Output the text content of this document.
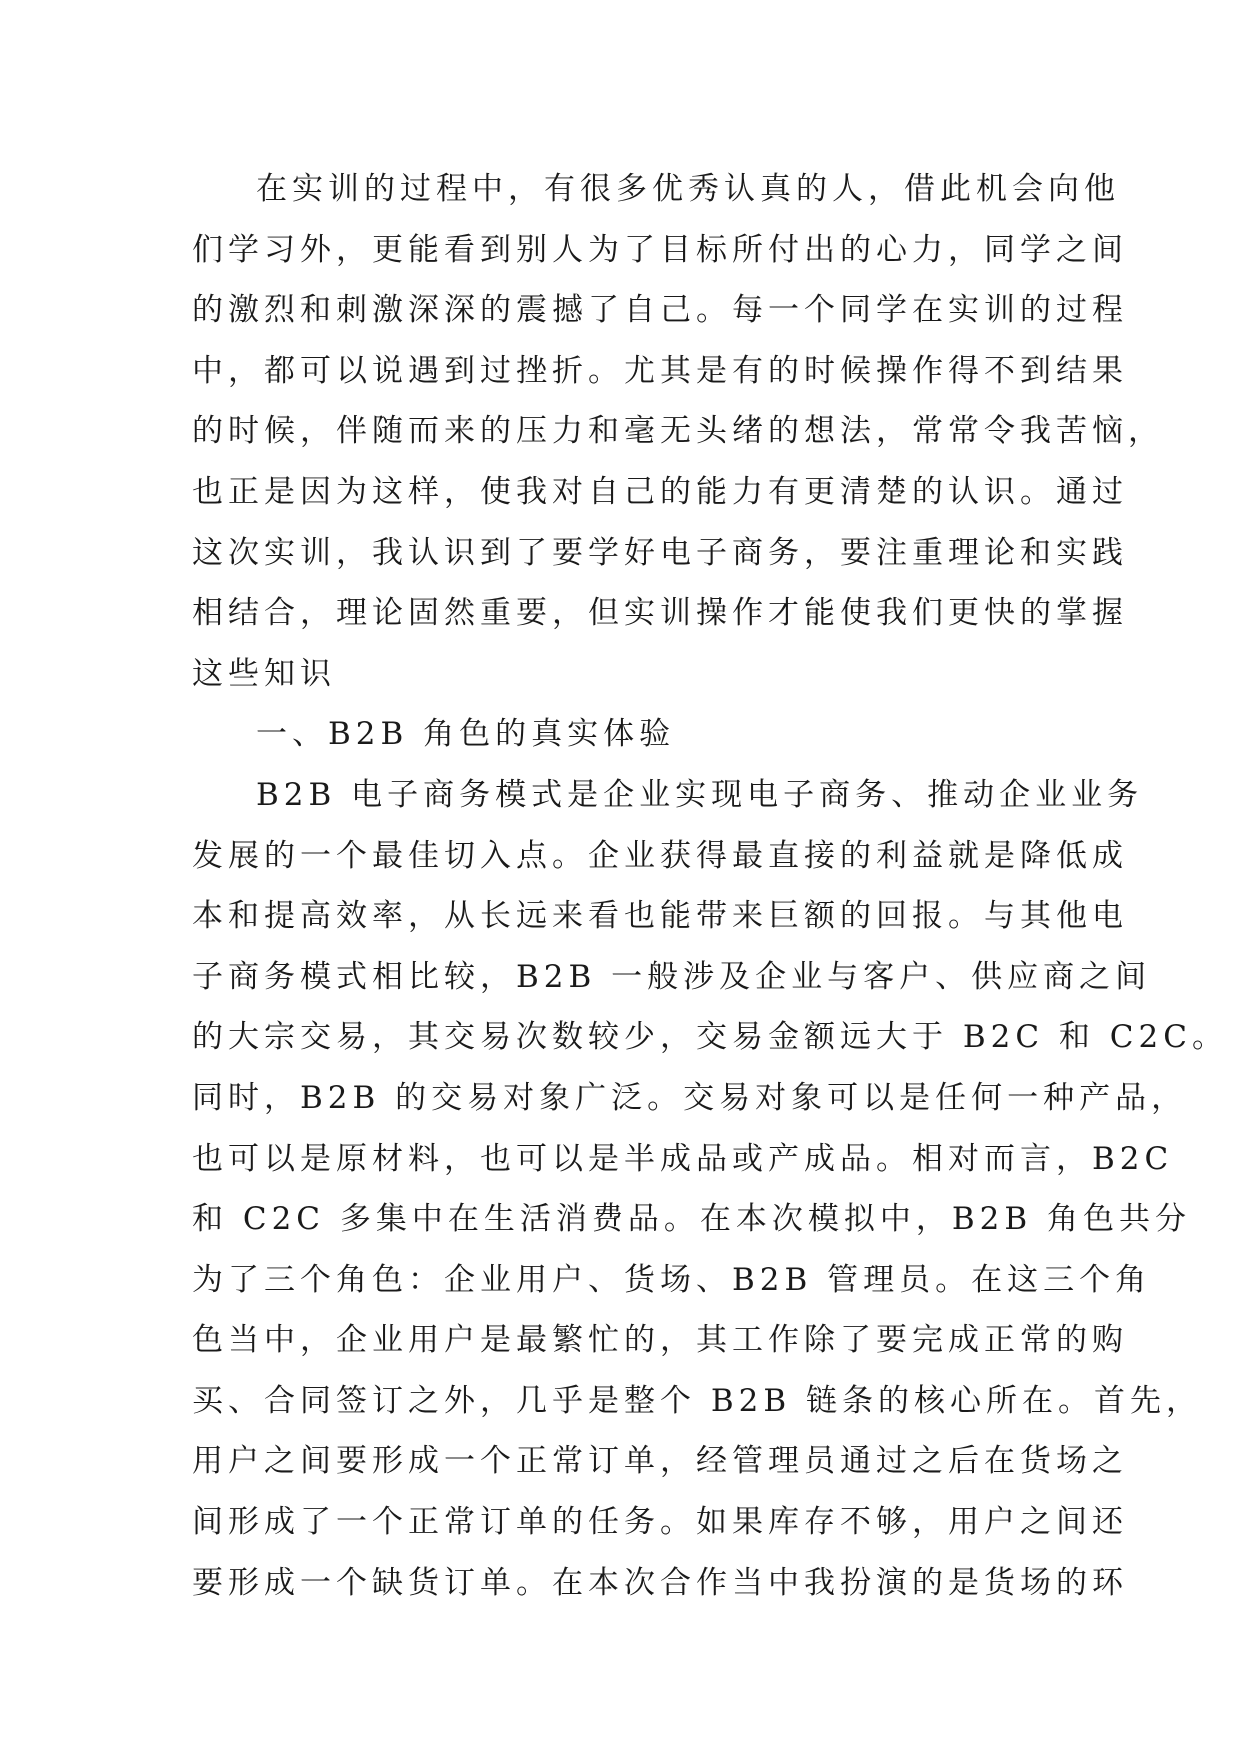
在实训的过程中，有很多优秀认真的人，借此机会向他
们学习外，更能看到别人为了目标所付出的心力，同学之间
的激烈和刺激深深的震撼了自己。每一个同学在实训的过程
中，都可以说遇到过挫折。尤其是有的时候操作得不到结果
的时候，伴随而来的压力和毫无头绪的想法，常常令我苦恼，
也正是因为这样，使我对自己的能力有更清楚的认识。通过
这次实训，我认识到了要学好电子商务，要注重理论和实践
相结合，理论固然重要，但实训操作才能使我们更快的掌握
这些知识
一、B2B 角色的真实体验
B2B 电子商务模式是企业实现电子商务、推动企业业务
发展的一个最佳切入点。企业获得最直接的利益就是降低成
本和提高效率，从长远来看也能带来巨额的回报。与其他电
子商务模式相比较，B2B 一般涉及企业与客户、供应商之间
的大宗交易，其交易次数较少，交易金额远大于 B2C 和 C2C。
同时，B2B 的交易对象广泛。交易对象可以是任何一种产品，
也可以是原材料，也可以是半成品或产成品。相对而言，B2C
和 C2C 多集中在生活消费品。在本次模拟中，B2B 角色共分
为了三个角色：企业用户、货场、B2B 管理员。在这三个角
色当中，企业用户是最繁忙的，其工作除了要完成正常的购
买、合同签订之外，几乎是整个 B2B 链条的核心所在。首先，
用户之间要形成一个正常订单，经管理员通过之后在货场之
间形成了一个正常订单的任务。如果库存不够，用户之间还
要形成一个缺货订单。在本次合作当中我扮演的是货场的环
